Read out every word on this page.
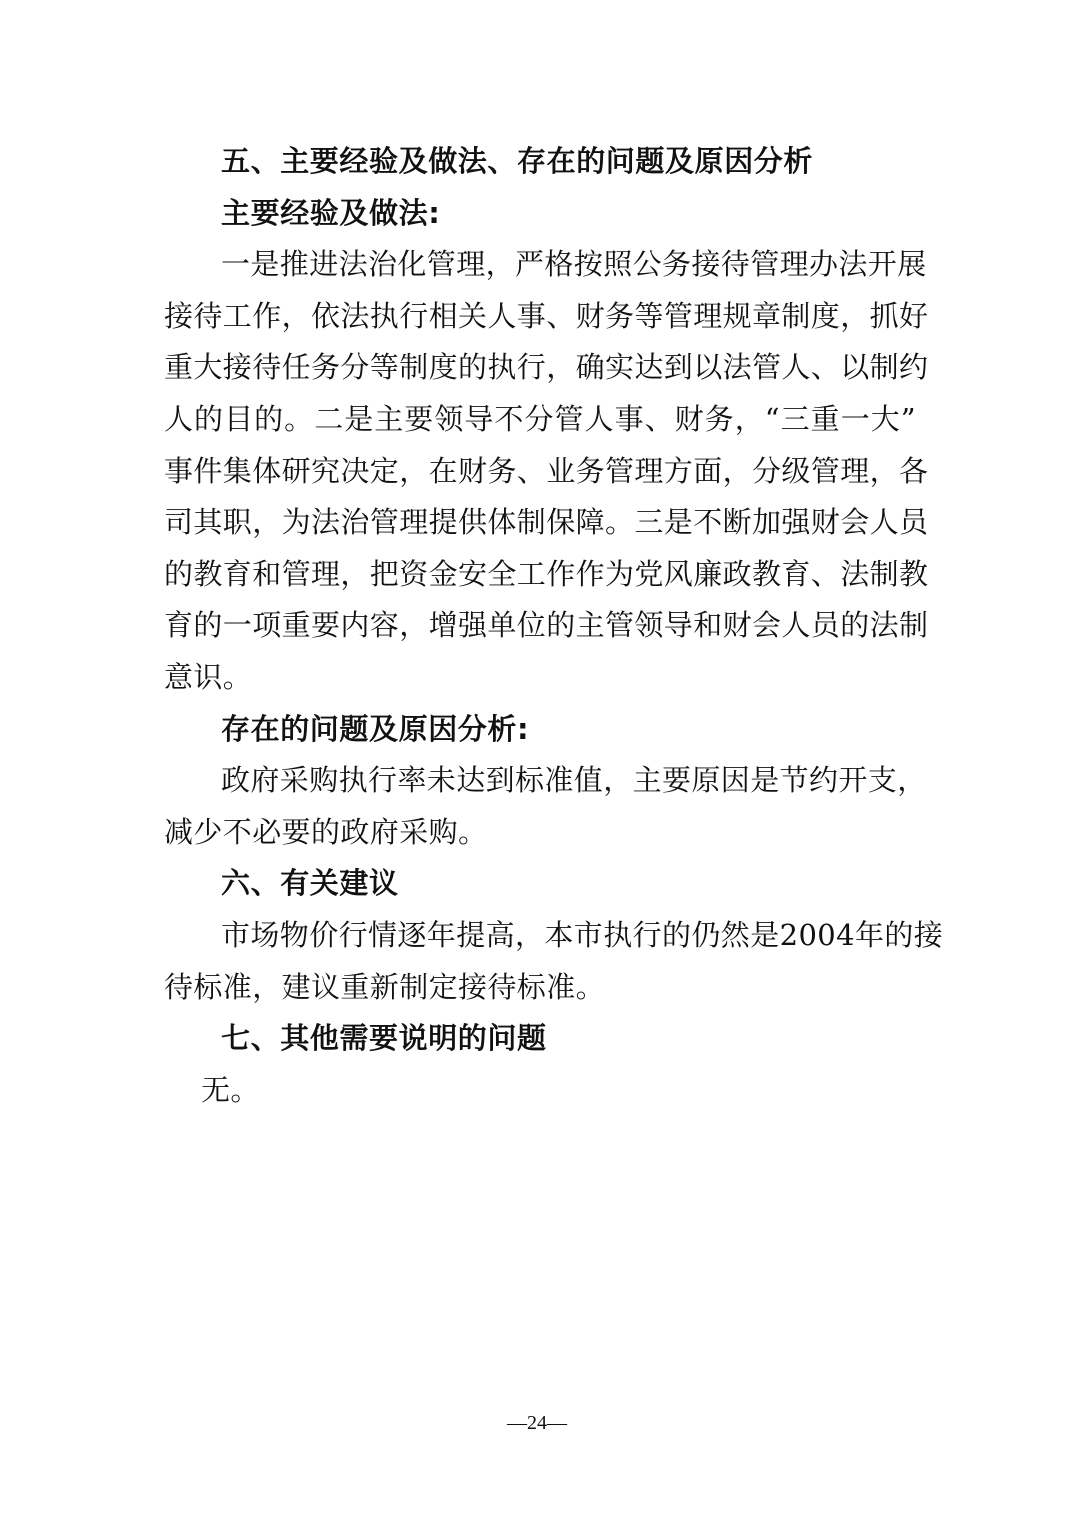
五、主要经验及做法、存在的问题及原因分析
主要经验及做法:
一是推进法治化管理，严格按照公务接待管理办法开展
接待工作，依法执行相关人事、财务等管理规章制度，抓好
重大接待任务分等制度的执行，确实达到以法管人、以制约
人的目的。二是主要领导不分管人事、财务，“三重一大”
事件集体研究决定，在财务、业务管理方面，分级管理，各
司其职，为法治管理提供体制保障。三是不断加强财会人员
的教育和管理，把资金安全工作作为党风廉政教育、法制教
育的一项重要内容，增强单位的主管领导和财会人员的法制
意识。
存在的问题及原因分析:
政府采购执行率未达到标准值，主要原因是节约开支，
减少不必要的政府采购。
六、有关建议
市场物价行情逐年提高，本市执行的仍然是2004年的接
待标准，建议重新制定接待标准。
七、其他需要说明的问题
无。
—24—
